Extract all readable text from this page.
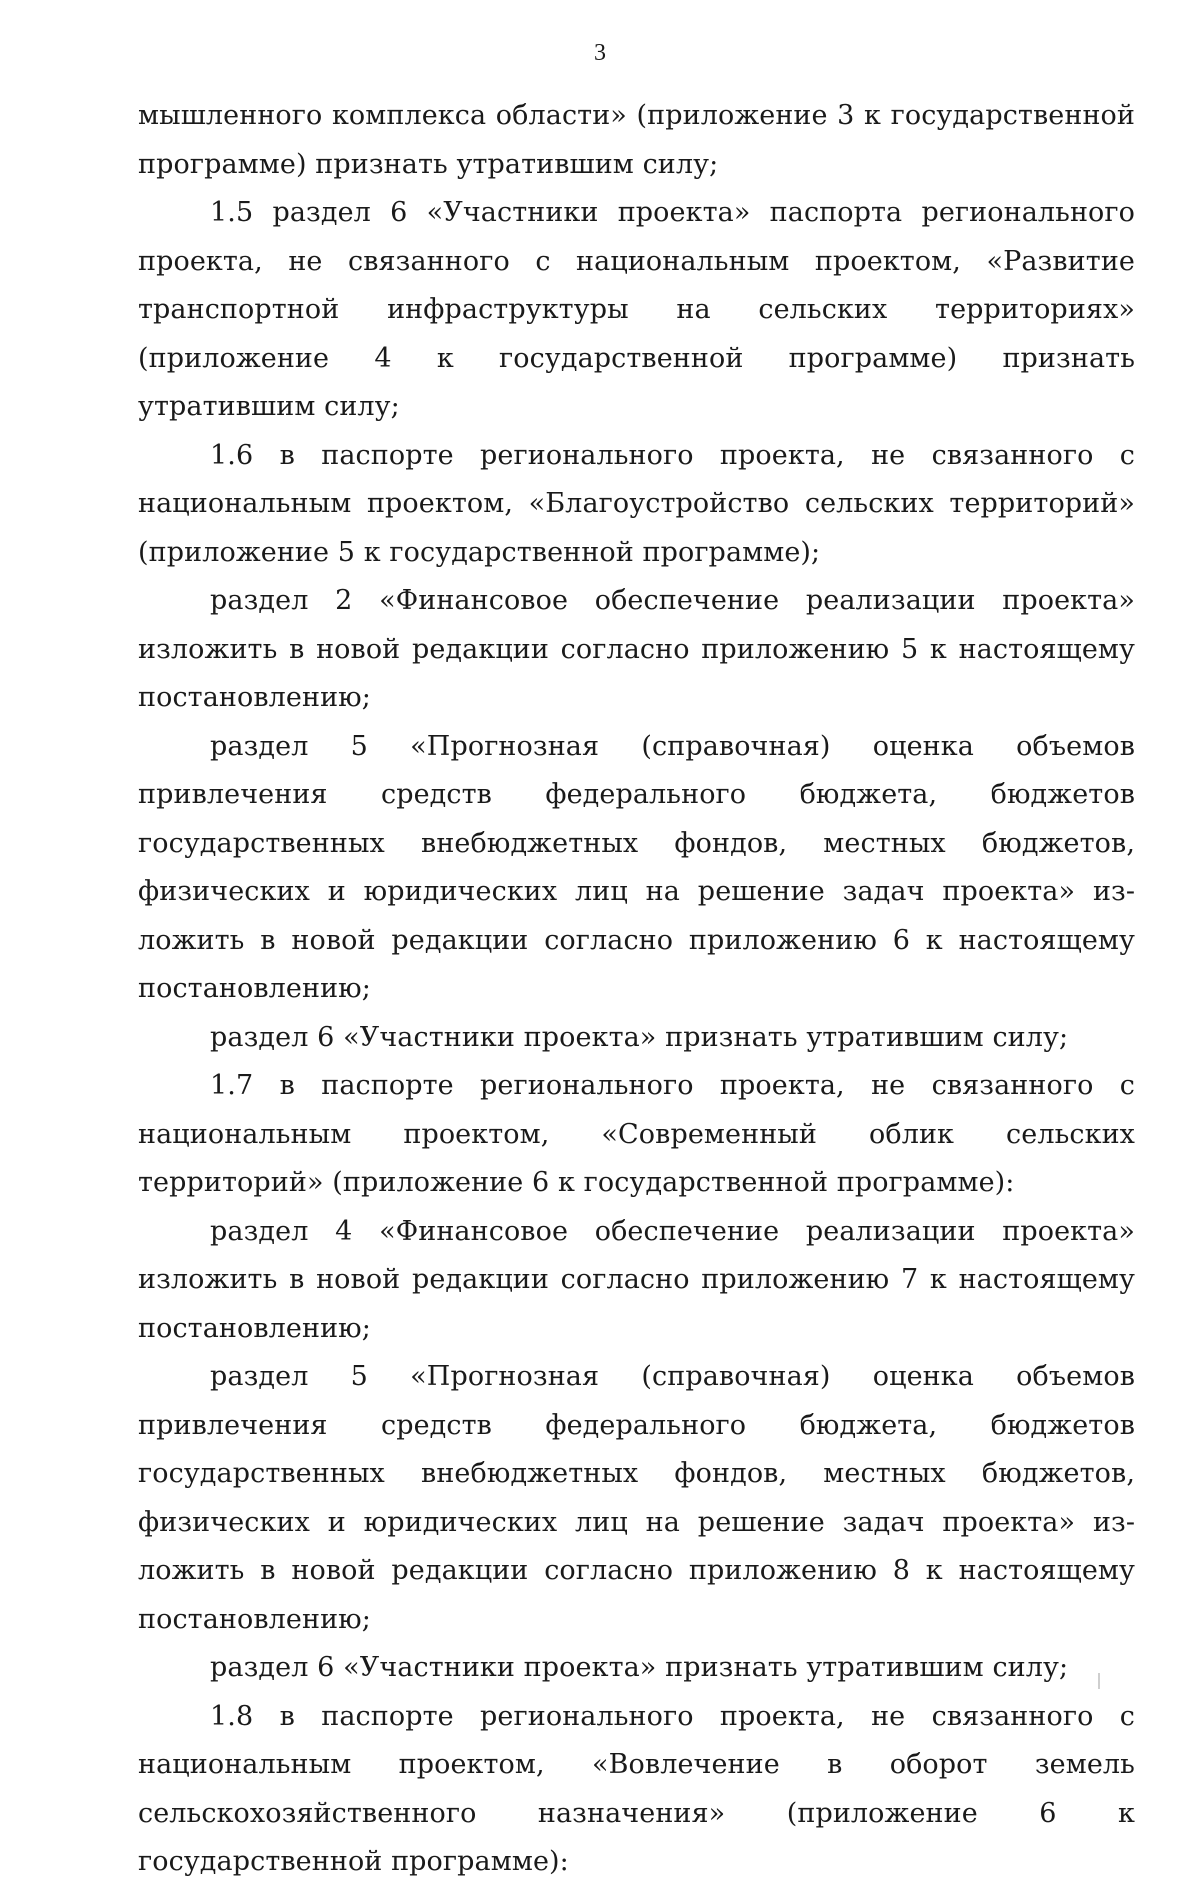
3

мышленного комплекса области» (приложение 3 к государственной программе) признать утратившим силу;

1.5 раздел 6 «Участники проекта» паспорта регионального проекта, не связанного с национальным проектом, «Развитие транспортной инфраструктуры на сельских территориях» (приложение 4 к государственной программе) признать утратившим силу;

1.6 в паспорте регионального проекта, не связанного с национальным проектом, «Благоустройство сельских территорий» (приложение 5 к государственной программе);

раздел 2 «Финансовое обеспечение реализации проекта» изложить в новой редакции согласно приложению 5 к настоящему постановлению;

раздел 5 «Прогнозная (справочная) оценка объемов привлечения средств федерального бюджета, бюджетов государственных внебюджетных фондов, местных бюджетов, физических и юридических лиц на решение задач проекта» изложить в новой редакции согласно приложению 6 к настоящему постановлению;

раздел 6 «Участники проекта» признать утратившим силу;

1.7 в паспорте регионального проекта, не связанного с национальным проектом, «Современный облик сельских территорий» (приложение 6 к государственной программе):

раздел 4 «Финансовое обеспечение реализации проекта» изложить в новой редакции согласно приложению 7 к настоящему постановлению;

раздел 5 «Прогнозная (справочная) оценка объемов привлечения средств федерального бюджета, бюджетов государственных внебюджетных фондов, местных бюджетов, физических и юридических лиц на решение задач проекта» изложить в новой редакции согласно приложению 8 к настоящему постановлению;

раздел 6 «Участники проекта» признать утратившим силу;

1.8 в паспорте регионального проекта, не связанного с национальным проектом, «Вовлечение в оборот земель сельскохозяйственного назначения» (приложение 6 к государственной программе):
